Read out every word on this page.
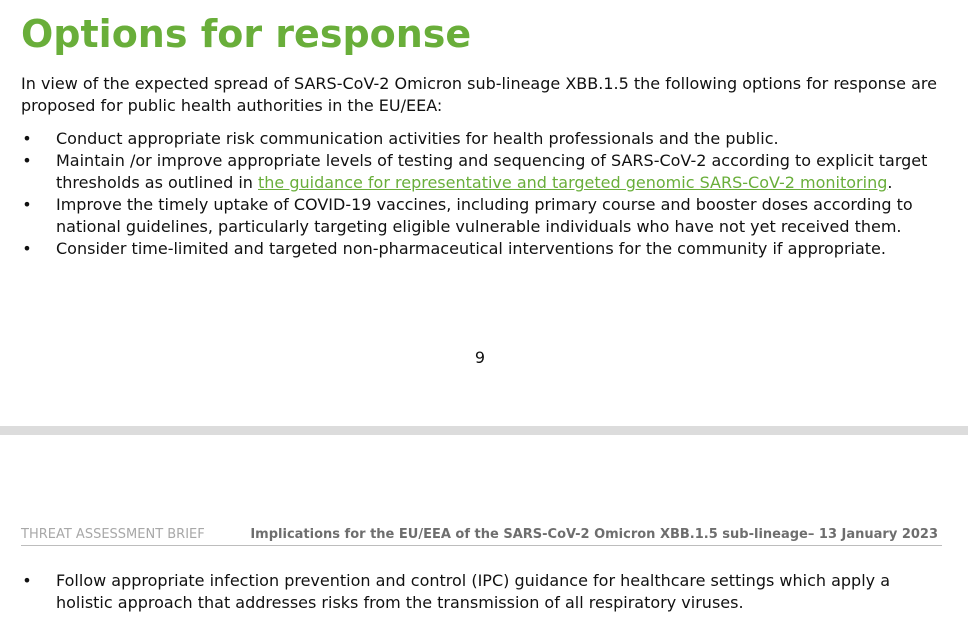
Options for response

In view of the expected spread of SARS-CoV-2 Omicron sub-lineage XBB.1.5 the following options for response are proposed for public health authorities in the EU/EEA:

• Conduct appropriate risk communication activities for health professionals and the public.
• Maintain /or improve appropriate levels of testing and sequencing of SARS-CoV-2 according to explicit target thresholds as outlined in the guidance for representative and targeted genomic SARS-CoV-2 monitoring.
• Improve the timely uptake of COVID-19 vaccines, including primary course and booster doses according to national guidelines, particularly targeting eligible vulnerable individuals who have not yet received them.
• Consider time-limited and targeted non-pharmaceutical interventions for the community if appropriate.
9
THREAT ASSESSMENT BRIEF	Implications for the EU/EEA of the SARS-CoV-2 Omicron XBB.1.5 sub-lineage– 13 January 2023
• Follow appropriate infection prevention and control (IPC) guidance for healthcare settings which apply a holistic approach that addresses risks from the transmission of all respiratory viruses.
